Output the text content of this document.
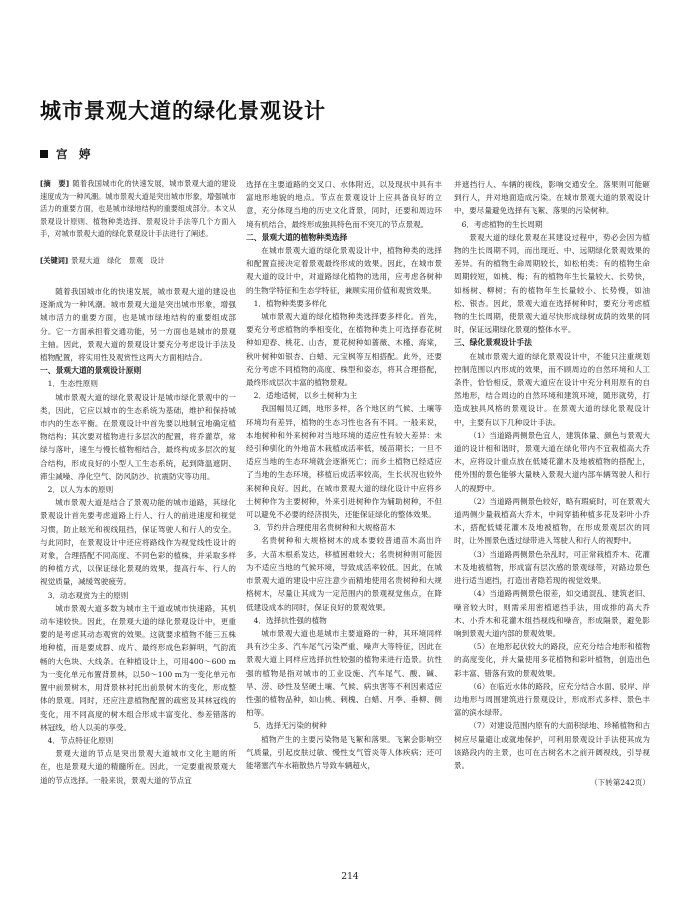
城市景观大道的绿化景观设计
宫　婷
[摘　要] 随着我国城市化的快速发展，城市景观大道的建设速度成为一种风潮。城市景观大道是突出城市形象，增强城市活力的重要方面，也是城市绿地结构的重要组成部分。本文从景观设计原则、植物种类选择、景观设计手法等几个方面入手，对城市景观大道的绿化景观设计手法进行了阐述。
[关键词] 景观大道　绿化　景观　设计

随着我国城市化的快速发展，城市景观大道的建设也逐渐成为一种风潮。城市景观大道是突出城市形象，增强城市活力的重要方面，也是城市绿地结构的重要组成部分。它一方面承担着交通功能，另一方面也是城市的景观主轴。因此，景观大道的景观设计要充分考虑设计手法及植物配置，将实用性及观赏性这两大方面相结合。

一、景观大道的景观设计原则

1．生态性原则

城市景观大道的绿化景观设计是城市绿化景观中的一类，因此，它应以城市的生态系统为基础，维护和保持城市内的生态平衡。在景观设计中首先要以地制宜地确定植物结构；其次要对植物进行多层次的配置，将乔灌草，常绿与落叶，速生与慢长植物相结合，最终构成多层次的复合结构，形成良好的小型人工生态系统，起到降温遮阴、滞尘减噪、净化空气、防风防沙、抗震防灾等功用。

2．以人为本的原则

城市景观大道是结合了景观功能的城市道路，其绿化景观设计首先要考虑道路上行人、行人的前进速度和视觉习惯，防止眩光和视线阻挡，保证驾驶人和行人的安全。与此同时，在景观设计中还应将路线作为视觉线性设计的对象，合理搭配不同高度、不同色彩的植株，并采取多样的种植方式，以保证绿化景观的效果，提高行车、行人的视觉质量，减缓驾驶疲劳。

3．动态观赏为主的原则

城市景观大道多数为城市主干道或城市快速路，其机动车速较快。因此，在景观大道的绿化景观设计中，更重要的是考虑其动态观赏的效果。这就要求植物不能三五株地种植，而是要成群、成片、最终形成色彩鲜明，气韵流畅的大色块、大线条。在种植设计上，可用400～600 m为一变化单元布置背景林，以50～100 m为一变化单元布置中前景树木，用背景林衬托出前景树木的变化，形成整体的景观。同时，还应注意植物配置的疏密及其林冠线的变化，用不同高度的树木组合形成丰富变化、参差错落的林冠线，给人以美的享受。

4．节点特征化原则

景观大道的节点是突出景观大道城市文化主题的所在，也是景观大道的精髓所在。因此，一定要重视景观大道的节点选择。一般来说，景观大道的节点宜

选择在主要道路的交叉口、水体附近，以及现状中具有丰富地形地貌的地点。节点在景观设计上应具备良好的立意，充分体现当地的历史文化背景，同时，还要和周边环境有机结合，最终形成独具特色而不突兀的节点景观。

二、景观大道的植物种类选择

在城市景观大道的绿化景观设计中，植物种类的选择和配置直接决定着景观最终形成的效果。因此，在城市景观大道的设计中，对道路绿化植物的选用，应考虑各树种的生物学特征和生态学特征，兼顾实用价值和观赏效果。

1．植物种类要多样化

城市景观大道的绿化植物种类选择要多样化。首先，要充分考虑植物的季相变化，在植物种类上可选择春花树种如迎春、桃花、山杏，夏花树种如蔷薇、木槿、海棠，秋叶树种如银杏、白蜡、元宝枫等互相搭配。此外，还要充分考虑不同植物的高度、株型和姿态，将其合理搭配，最终形成层次丰富的植物景观。

2．适地适树，以乡土树种为主

我国幅员辽阔，地形多样，各个地区的气候、土壤等环境均有差异，植物的生态习性也各有不同。一般来说，本地树种和外来树种对当地环境的适应性有较大差异：未经引种驯化的外地苗木栽植成活率低，缓苗期长；一旦不适应当地的生态环境就会逐渐死亡；而乡土植物已经适应了当地的生态环境，移植后成活率较高，生长状况也较外来树种良好。因此，在城市景观大道的绿化设计中应将乡土树种作为主要树种，外来引进树种作为辅助树种，不但可以避免不必要的经济损失，还能保证绿化的整体效果。

3．节约并合理使用名贵树种和大规格苗木

名贵树种和大规格树木的成本要较普通苗木高出许多，大苗木根系发达，移植困难较大；名贵树种则可能因为不适应当地的气候环境，导致成活率较低。因此，在城市景观大道的建设中应注意少而精地使用名贵树种和大规格树木，尽量让其成为一定范围内的景观视觉焦点，在降低建设成本的同时，保证良好的景观效果。

4．选择抗性强的植物

城市景观大道也是城市主要道路的一种，其环境同样具有沙尘多、汽车尾气污染严重、噪声大等特征，因此在景观大道上同样应选择抗性较强的植物来进行造景。抗性强的植物是指对城市的工业设施、汽车尾气、酸、碱、旱、涝、砂性及坚硬土壤、气候、病虫害等不利因素适应性强的植物品种，如山桃、刺槐、白蜡、月季、垂柳、侧柏等。

5．选择无污染的树种

植物产生的主要污染物是飞絮和落果。飞絮会影响空气质量，引起皮肤过敏、慢性支气管炎等人体疾病；还可能堵塞汽车水箱散热片导致车辆超火，

并遮挡行人、车辆的视线，影响交通安全。落果则可能砸到行人，并对地面造成污染。在城市景观大道的景观设计中，要尽量避免选择有飞絮、落果的污染树种。

6．考虑植物的生长周期

景观大道的绿化景观在其建设过程中，势必会因为植物的生长周期不同，而出现近、中、远期绿化景观效果的差异。有的植物生命周期较长，如松柏类；有的植物生命周期较短，如桃、梅；有的植物年生长量较大、长势快，如杨树、柳树；有的植物年生长量较小、长势慢，如油松、银杏。因此，景观大道在选择树种时，要充分考虑植物的生长周期，使景观大道尽快形成绿树成荫的效果的同时，保证远期绿化景观的整体水平。

三、绿化景观设计手法

在城市景观大道的绿化景观设计中，不能只注重规划控制范围以内形成的效果，而不顾周边的自然环境和人工条件，恰恰相反，景观大道应在设计中充分利用原有的自然地形，结合周边的自然环境和建筑环境，随形就势，打造成独具风格的景观设计。在景观大道的绿化景观设计中，主要有以下几种设计手法。

（1）当道路两侧景色宜人，建筑体量、颜色与景观大道的设计相和谐时，景观大道在绿化带内不宜栽植高大乔木，应将设计重点放在低矮花灌木及地被植物的搭配上，使外围的景色能够大量映入景观大道内部车辆驾驶人和行人的视野中。

（2）当道路两侧景色较好，略有瑕疵时，可在景观大道两侧少量栽植高大乔木，中间穿插种植多花及彩叶小乔木，搭配低矮花灌木及地被植物，在形成景观层次的同时，让外围景色透过绿带进入驾驶人和行人的视野中。

（3）当道路两侧景色杂乱时，可正常栽植乔木、花灌木及地被植物，形成富有层次感的景观绿带，对路边景色进行适当遮挡，打造出者隐若现的视觉效果。

（4）当道路两侧景色很差，如交通混乱、建筑老旧、噪音较大时，则需采用密植遮挡手法，用成排的高大乔木、小乔木和花灌木组挡视线和噪音，形成隔景，避免影响到景观大道内部的景观效果。

（5）在地形起伏较大的路段，应充分结合地形和植物的高度变化，并大量使用多花植物和彩叶植物，创造出色彩丰富、错落有致的景观效果。

（6）在临近水体的路段，应充分结合水面、驳岸、岸边地形与周围建筑进行景观设计，形成形式多样、景色丰富的滨水绿带。

（7）对建设范围内原有的大面积绿地、珍稀植物和古树应尽量避让或就地保护，可利用景观设计手法使其成为该路段内的主景，也可在古树名木之前开阔视线，引导视景。

（下转第242页）

214
